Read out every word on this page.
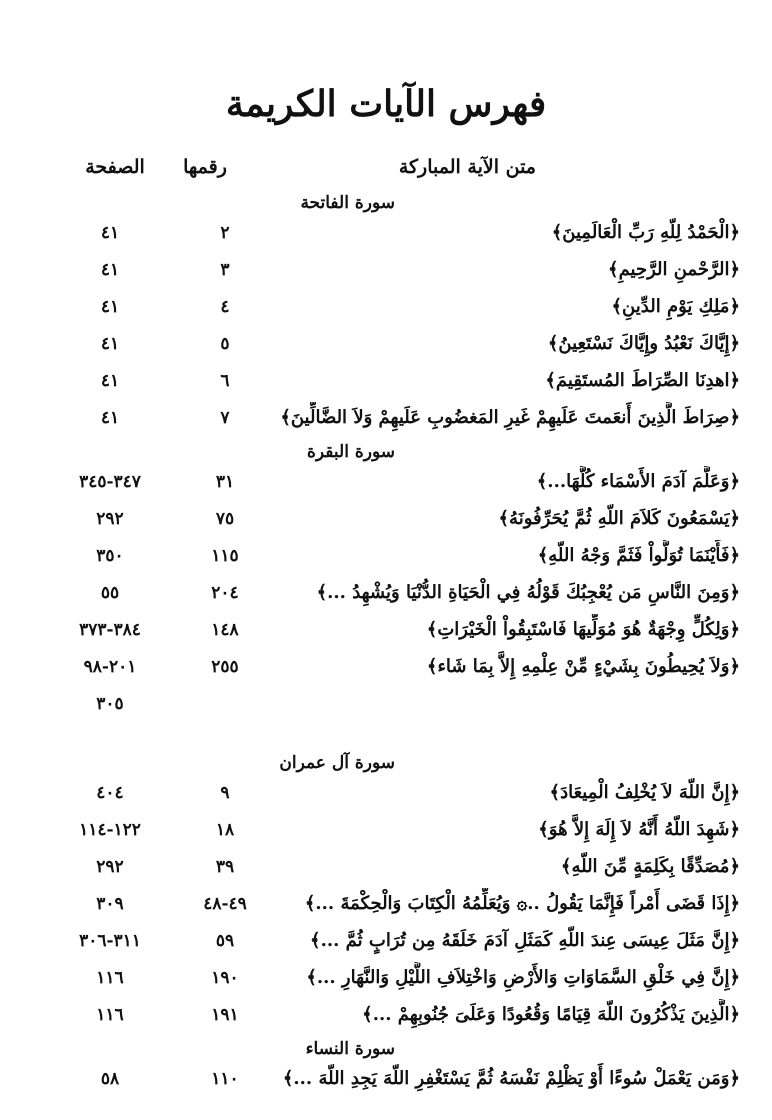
فهرس الآيات الكريمة
متن الآية المباركة
رقمها
الصفحة
سورة الفاتحة
﴿الْحَمْدُ لِلّهِ رَبِّ الْعَالَمِينَ﴾
٢
٤١
﴿الرَّحْمنِ الرَّحِيمِ﴾
٣
٤١
﴿مَلِكِ يَوْمِ الدِّينِ﴾
٤
٤١
﴿إِيَّاكَ نَعْبُدُ وإِيَّاكَ نَسْتَعِينُ﴾
٥
٤١
﴿اهدِنَا الصِّرَاطَ المُستَقِيمَ﴾
٦
٤١
﴿صِرَاطَ الَّذِينَ أَنعَمتَ عَلَيهِمْ غَيرِ المَغضُوبِ عَلَيهِمْ وَلاَ الضَّالِّينَ﴾
٧
٤١
سورة البقرة
﴿وَعَلَّمَ آدَمَ الأَسْمَاء كُلَّهَا...﴾
٣١
٣٤٧-٣٤٥
﴿يَسْمَعُونَ كَلاَمَ اللّهِ ثُمَّ يُحَرِّفُونَهُ﴾
٧٥
٢٩٢
﴿فَأَيْنَمَا تُوَلُّواْ فَثَمَّ وَجْهُ اللّهِ﴾
١١٥
٣٥٠
﴿وَمِنَ النَّاسِ مَن يُعْجِبُكَ قَوْلُهُ فِي الْحَيَاةِ الدُّنْيَا وَيُشْهِدُ ...﴾
٢٠٤
٥٥
﴿وَلِكُلٍّ وِجْهَةٌ هُوَ مُوَلِّيهَا فَاسْتَبِقُواْ الْخَيْرَاتِ﴾
١٤٨
٣٨٤-٣٧٣
﴿وَلاَ يُحِيطُونَ بِشَيْءٍ مِّنْ عِلْمِهِ إِلاَّ بِمَا شَاء﴾
٢٥٥
٢٠١-٩٨
٣٠٥
سورة آل عمران
﴿إِنَّ اللّهَ لاَ يُخْلِفُ الْمِيعَادَ﴾
٩
٤٠٤
﴿شَهِدَ اللّهُ أَنَّهُ لاَ إِلَهَ إِلاَّ هُوَ﴾
١٨
١٢٢-١١٤
﴿مُصَدِّقًا بِكَلِمَةٍ مِّنَ اللّهِ﴾
٣٩
٢٩٢
﴿إِذَا قَضَى أَمْراً فَإِنَّمَا يَقُولُ ..۞ وَيُعَلِّمُهُ الْكِتَابَ وَالْحِكْمَةَ ...﴾
٤٩-٤٨
٣٠٩
﴿إِنَّ مَثَلَ عِيسَى عِندَ اللّهِ كَمَثَلِ آدَمَ خَلَقَهُ مِن تُرَابٍ ثُمَّ ...﴾
٥٩
٣١١-٣٠٦
﴿إِنَّ فِي خَلْقِ السَّمَاوَاتِ وَالأَرْضِ وَاخْتِلاَفِ اللَّيْلِ وَالنَّهَارِ ...﴾
١٩٠
١١٦
﴿الَّذِينَ يَذْكُرُونَ اللّهَ قِيَامًا وَقُعُودًا وَعَلَىَ جُنُوبِهِمْ ...﴾
١٩١
١١٦
سورة النساء
﴿وَمَن يَعْمَلْ سُوءًا أَوْ يَظْلِمْ نَفْسَهُ ثُمَّ يَسْتَغْفِرِ اللّهَ يَجِدِ اللّهَ ...﴾
١١٠
٥٨
